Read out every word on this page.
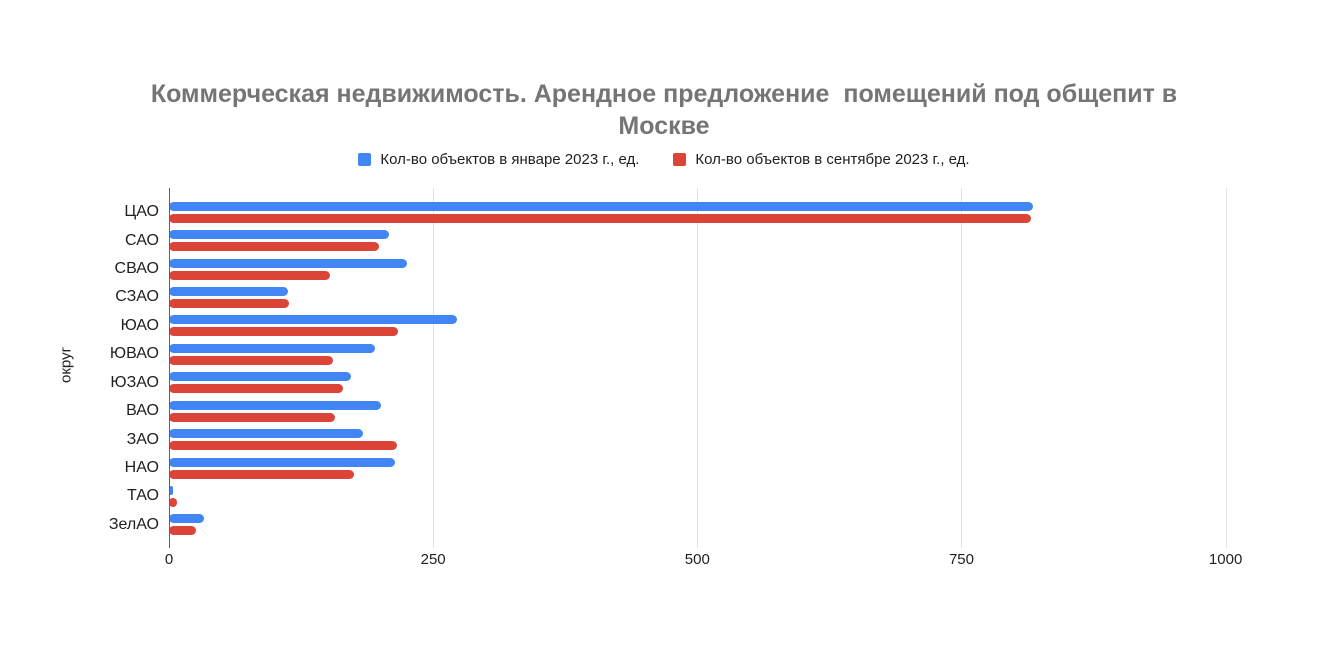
Коммерческая недвижимость. Арендное предложение  помещений под общепит в Москве
Кол-во объектов в январе 2023 г., ед.	Кол-во объектов в сентябре 2023 г., ед.
округ
ЦАО
САО
СВАО
СЗАО
ЮАО
ЮВАО
ЮЗАО
ВАО
ЗАО
НАО
ТАО
ЗелАО
0	250	500	750	1000
